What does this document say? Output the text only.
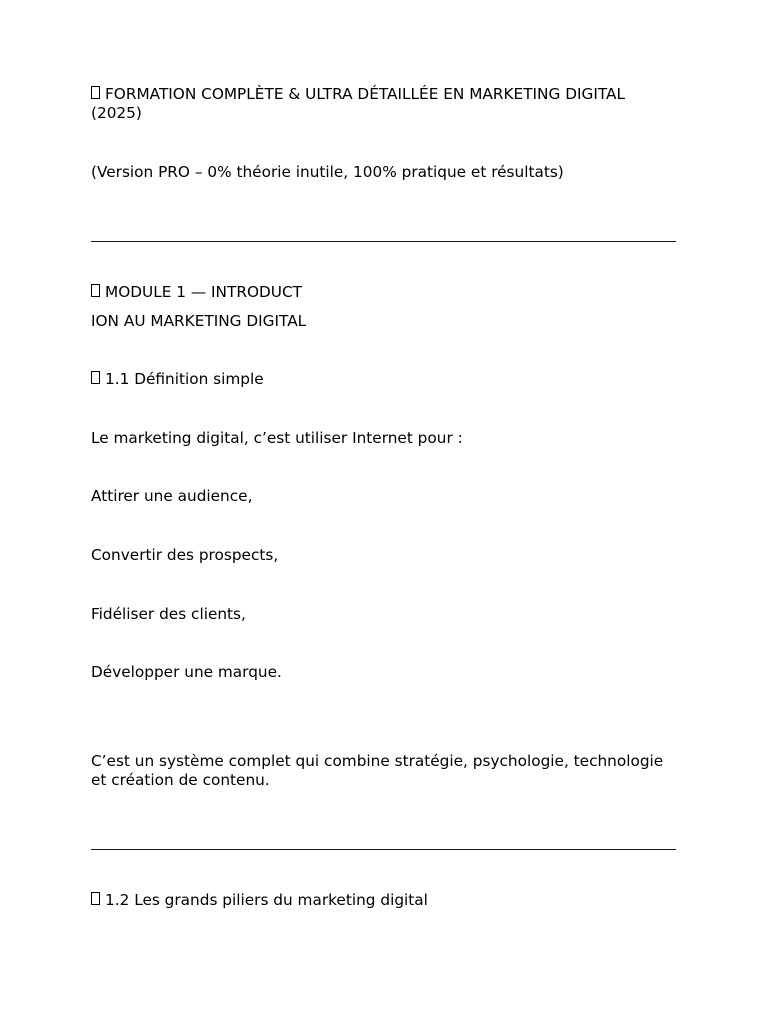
FORMATION COMPLÈTE & ULTRA DÉTAILLÉE EN MARKETING DIGITAL (2025)

(Version PRO – 0% théorie inutile, 100% pratique et résultats)

MODULE 1 — INTRODUCT

ION AU MARKETING DIGITAL

1.1 Définition simple

Le marketing digital, c’est utiliser Internet pour :

Attirer une audience,

Convertir des prospects,

Fidéliser des clients,

Développer une marque.

C’est un système complet qui combine stratégie, psychologie, technologie et création de contenu.

1.2 Les grands piliers du marketing digital
